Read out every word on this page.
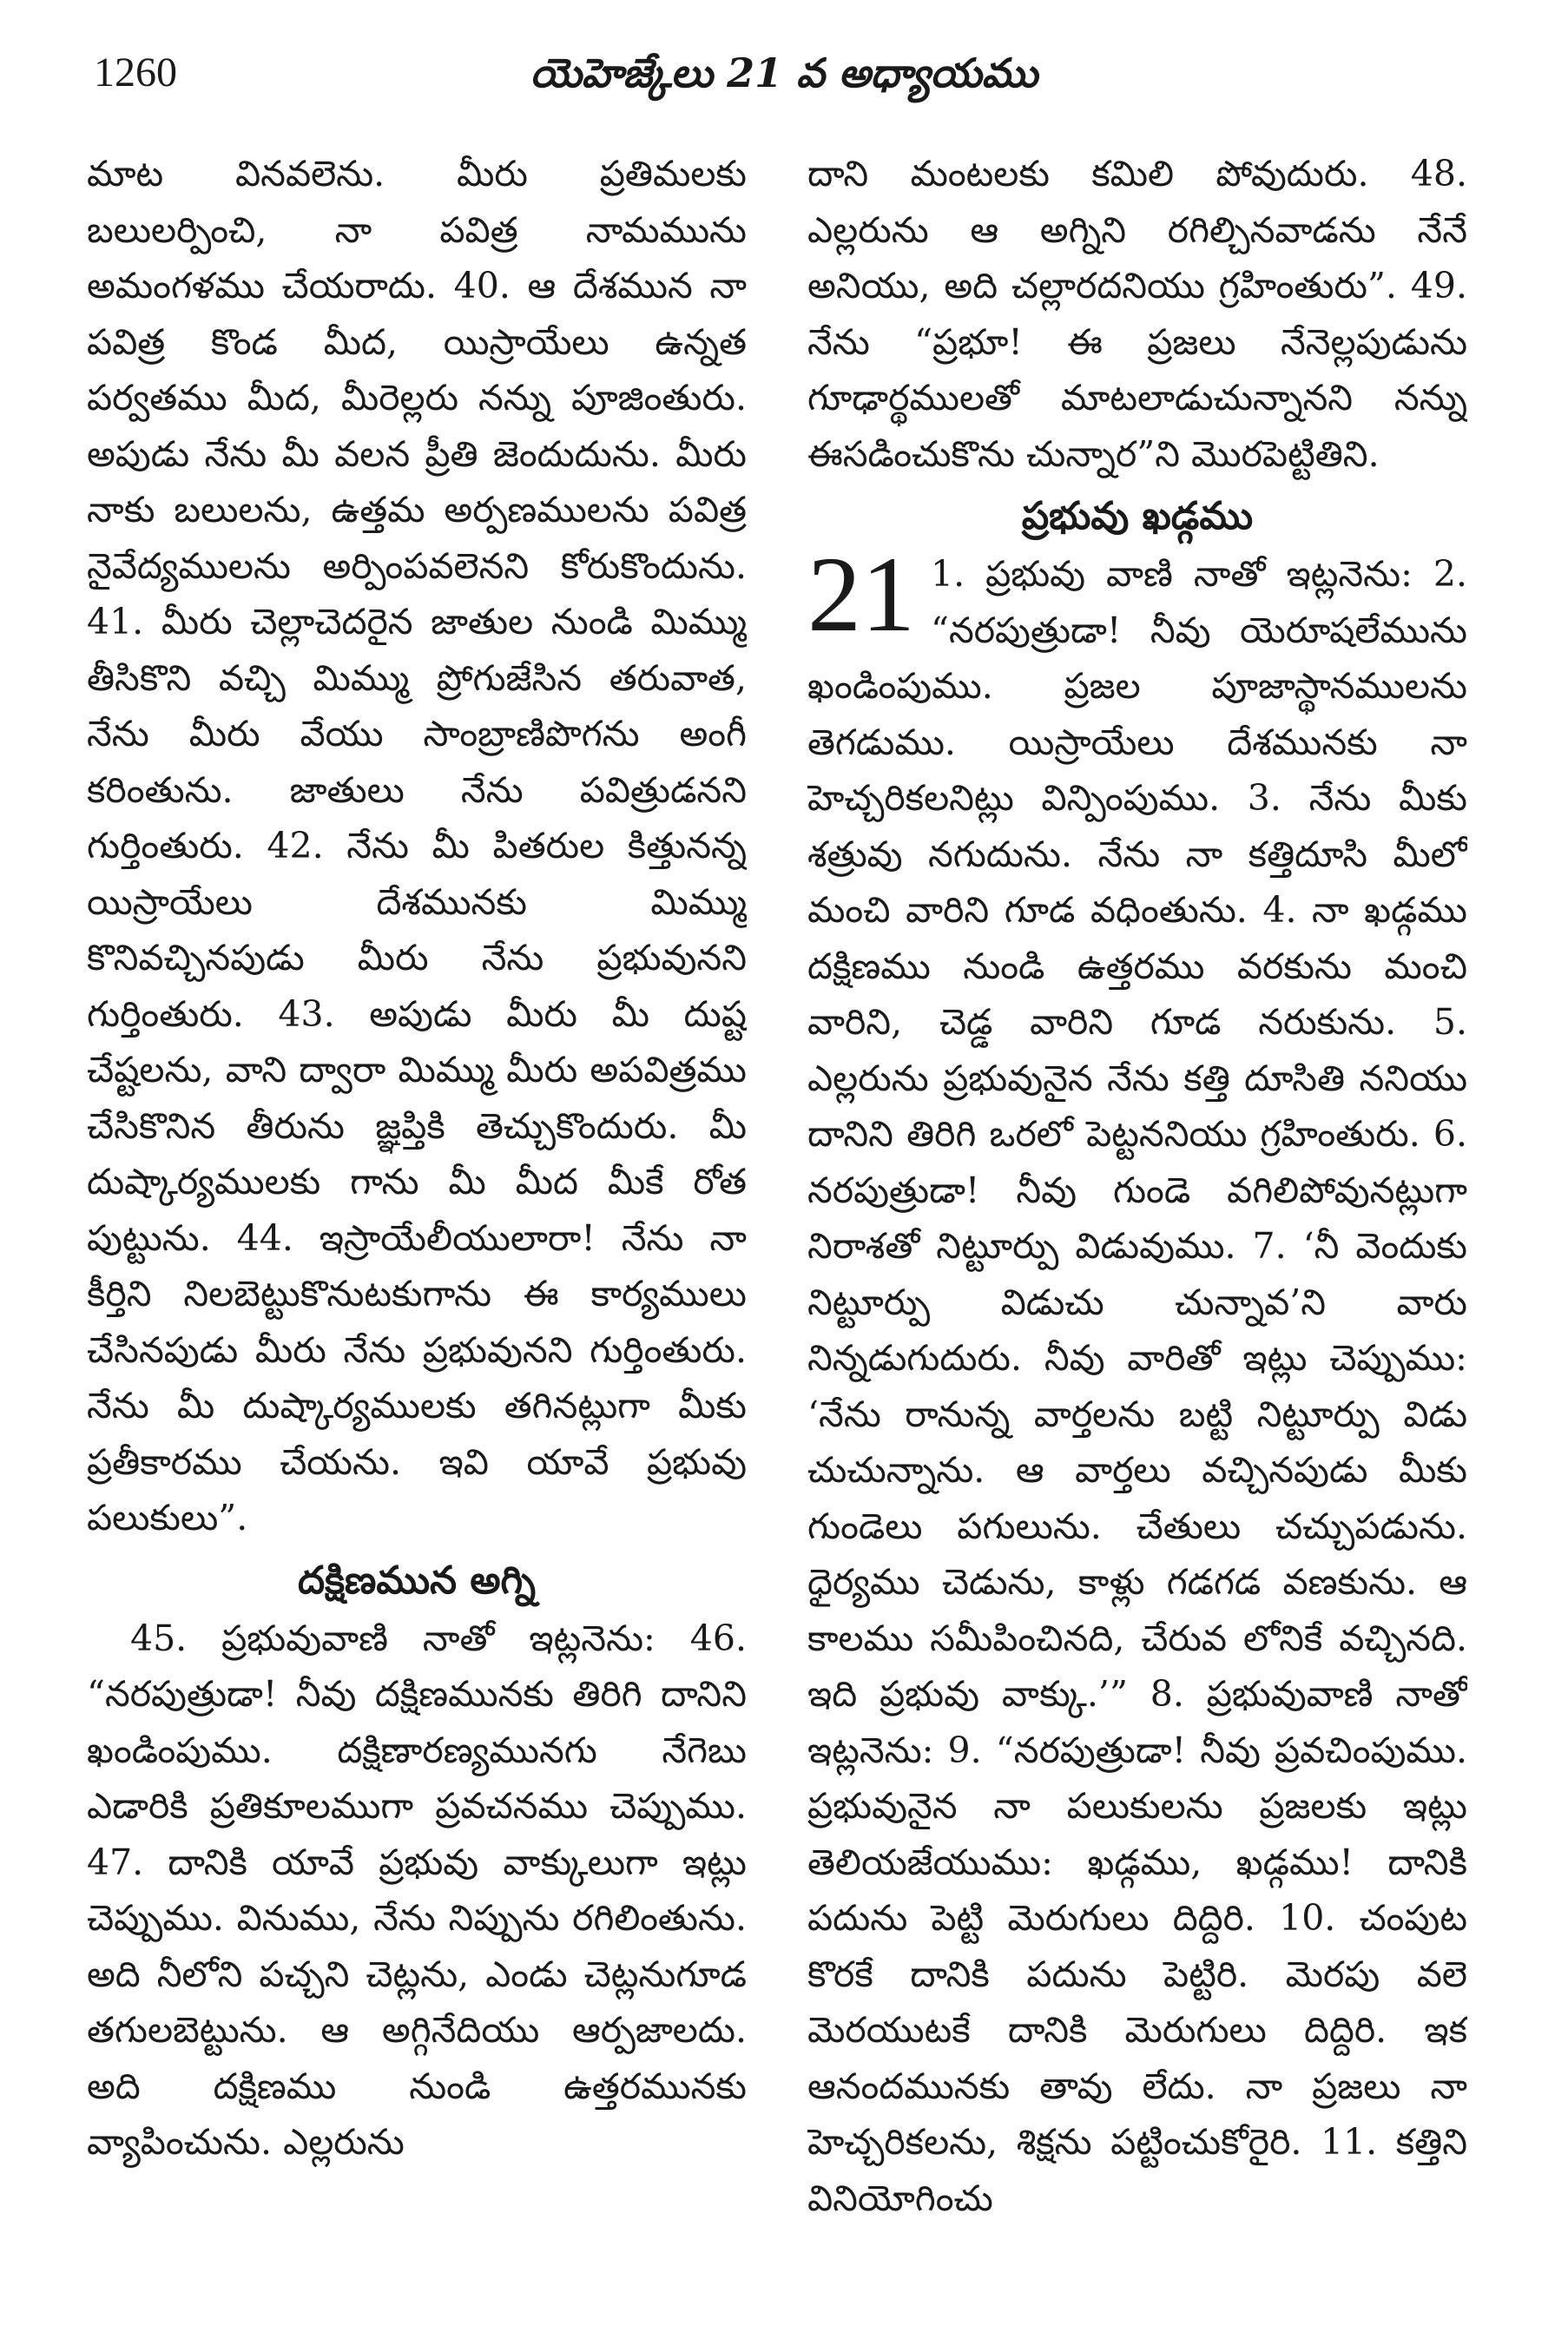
1260	యెహెజ్కేలు 21 వ అధ్యాయము

మాట వినవలెను. మీరు ప్రతిమలకు బలులర్పించి, నా పవిత్ర నామమును అమంగళము చేయరాదు. 40. ఆ దేశమున నా పవిత్ర కొండ మీద, యిస్రాయేలు ఉన్నత పర్వతము మీద, మీరెల్లరు నన్ను పూజింతురు. అపుడు నేను మీ వలన ప్రీతి జెందుదును. మీరు నాకు బలులను, ఉత్తమ అర్పణములను పవిత్ర నైవేద్యములను అర్పింపవలెనని కోరుకొందును. 41. మీరు చెల్లాచెదరైన జాతుల నుండి మిమ్ము తీసికొని వచ్చి మిమ్ము ప్రోగుజేసిన తరువాత, నేను మీరు వేయు సాంబ్రాణిపొగను అంగీ కరింతును. జాతులు నేను పవిత్రుడనని గుర్తింతురు. 42. నేను మీ పితరుల కిత్తునన్న యిస్రాయేలు దేశమునకు మిమ్ము కొనివచ్చినపుడు మీరు నేను ప్రభువునని గుర్తింతురు. 43. అపుడు మీరు మీ దుష్ట చేష్టలను, వాని ద్వారా మిమ్ము మీరు అపవిత్రము చేసికొనిన తీరును జ్ఞప్తికి తెచ్చుకొందురు. మీ దుష్కార్యములకు గాను మీ మీద మీకే రోత పుట్టును. 44. ఇస్రాయేలీయులారా! నేను నా కీర్తిని నిలబెట్టుకొనుటకుగాను ఈ కార్యములు చేసినపుడు మీరు నేను ప్రభువునని గుర్తింతురు. నేను మీ దుష్కార్యములకు తగినట్లుగా మీకు ప్రతీకారము చేయను. ఇవి యావే ప్రభువు పలుకులు”.

దక్షిణమున అగ్ని

45. ప్రభువువాణి నాతో ఇట్లనెను: 46. “నరపుత్రుడా! నీవు దక్షిణమునకు తిరిగి దానిని ఖండింపుము. దక్షిణారణ్యమునగు నేగెబు ఎడారికి ప్రతికూలముగా ప్రవచనము చెప్పుము. 47. దానికి యావే ప్రభువు వాక్కులుగా ఇట్లు చెప్పుము. వినుము, నేను నిప్పును రగిలింతును. అది నీలోని పచ్చని చెట్లను, ఎండు చెట్లనుగూడ తగులబెట్టును. ఆ అగ్గినేదియు ఆర్పజాలదు. అది దక్షిణము నుండి ఉత్తరమునకు వ్యాపించును. ఎల్లరును

దాని మంటలకు కమిలి పోవుదురు. 48. ఎల్లరును ఆ అగ్నిని రగిల్చినవాడను నేనే అనియు, అది చల్లారదనియు గ్రహింతురు”. 49. నేను “ప్రభూ! ఈ ప్రజలు నేనెల్లపుడును గూఢార్థములతో మాటలాడుచున్నానని నన్ను ఈసడించుకొను చున్నార”ని మొరపెట్టితిని.

ప్రభువు ఖడ్గము
21 1. ప్రభువు వాణి నాతో ఇట్లనెను: 2. “నరపుత్రుడా! నీవు యెరూషలేమును ఖండింపుము. ప్రజల పూజాస్థానములను తెగడుము. యిస్రాయేలు దేశమునకు నా హెచ్చరికలనిట్లు విన్పింపుము. 3. నేను మీకు శత్రువు నగుదును. నేను నా కత్తిదూసి మీలో మంచి వారిని గూడ వధింతును. 4. నా ఖడ్గము దక్షిణము నుండి ఉత్తరము వరకును మంచి వారిని, చెడ్డ వారిని గూడ నరుకును. 5. ఎల్లరును ప్రభువునైన నేను కత్తి దూసితి ననియు దానిని తిరిగి ఒరలో పెట్టననియు గ్రహింతురు. 6. నరపుత్రుడా! నీవు గుండె వగిలిపోవునట్లుగా నిరాశతో నిట్టూర్పు విడువుము. 7. ‘నీ వెందుకు నిట్టూర్పు విడుచు చున్నావ’ని వారు నిన్నడుగుదురు. నీవు వారితో ఇట్లు చెప్పుము: ‘నేను రానున్న వార్తలను బట్టి నిట్టూర్పు విడు చుచున్నాను. ఆ వార్తలు వచ్చినపుడు మీకు గుండెలు పగులును. చేతులు చచ్చుపడును. ధైర్యము చెడును, కాళ్లు గడగడ వణకును. ఆ కాలము సమీపించినది, చేరువ లోనికే వచ్చినది. ఇది ప్రభువు వాక్కు.’” 8. ప్రభువువాణి నాతో ఇట్లనెను: 9. “నరపుత్రుడా! నీవు ప్రవచింపుము. ప్రభువునైన నా పలుకులను ప్రజలకు ఇట్లు తెలియజేయుము: ఖడ్గము, ఖడ్గము! దానికి పదును పెట్టి మెరుగులు దిద్దిరి. 10. చంపుట కొరకే దానికి పదును పెట్టిరి. మెరపు వలె మెరయుటకే దానికి మెరుగులు దిద్దిరి. ఇక ఆనందమునకు తావు లేదు. నా ప్రజలు నా హెచ్చరికలను, శిక్షను పట్టించుకోరైరి. 11. కత్తిని వినియోగించు
